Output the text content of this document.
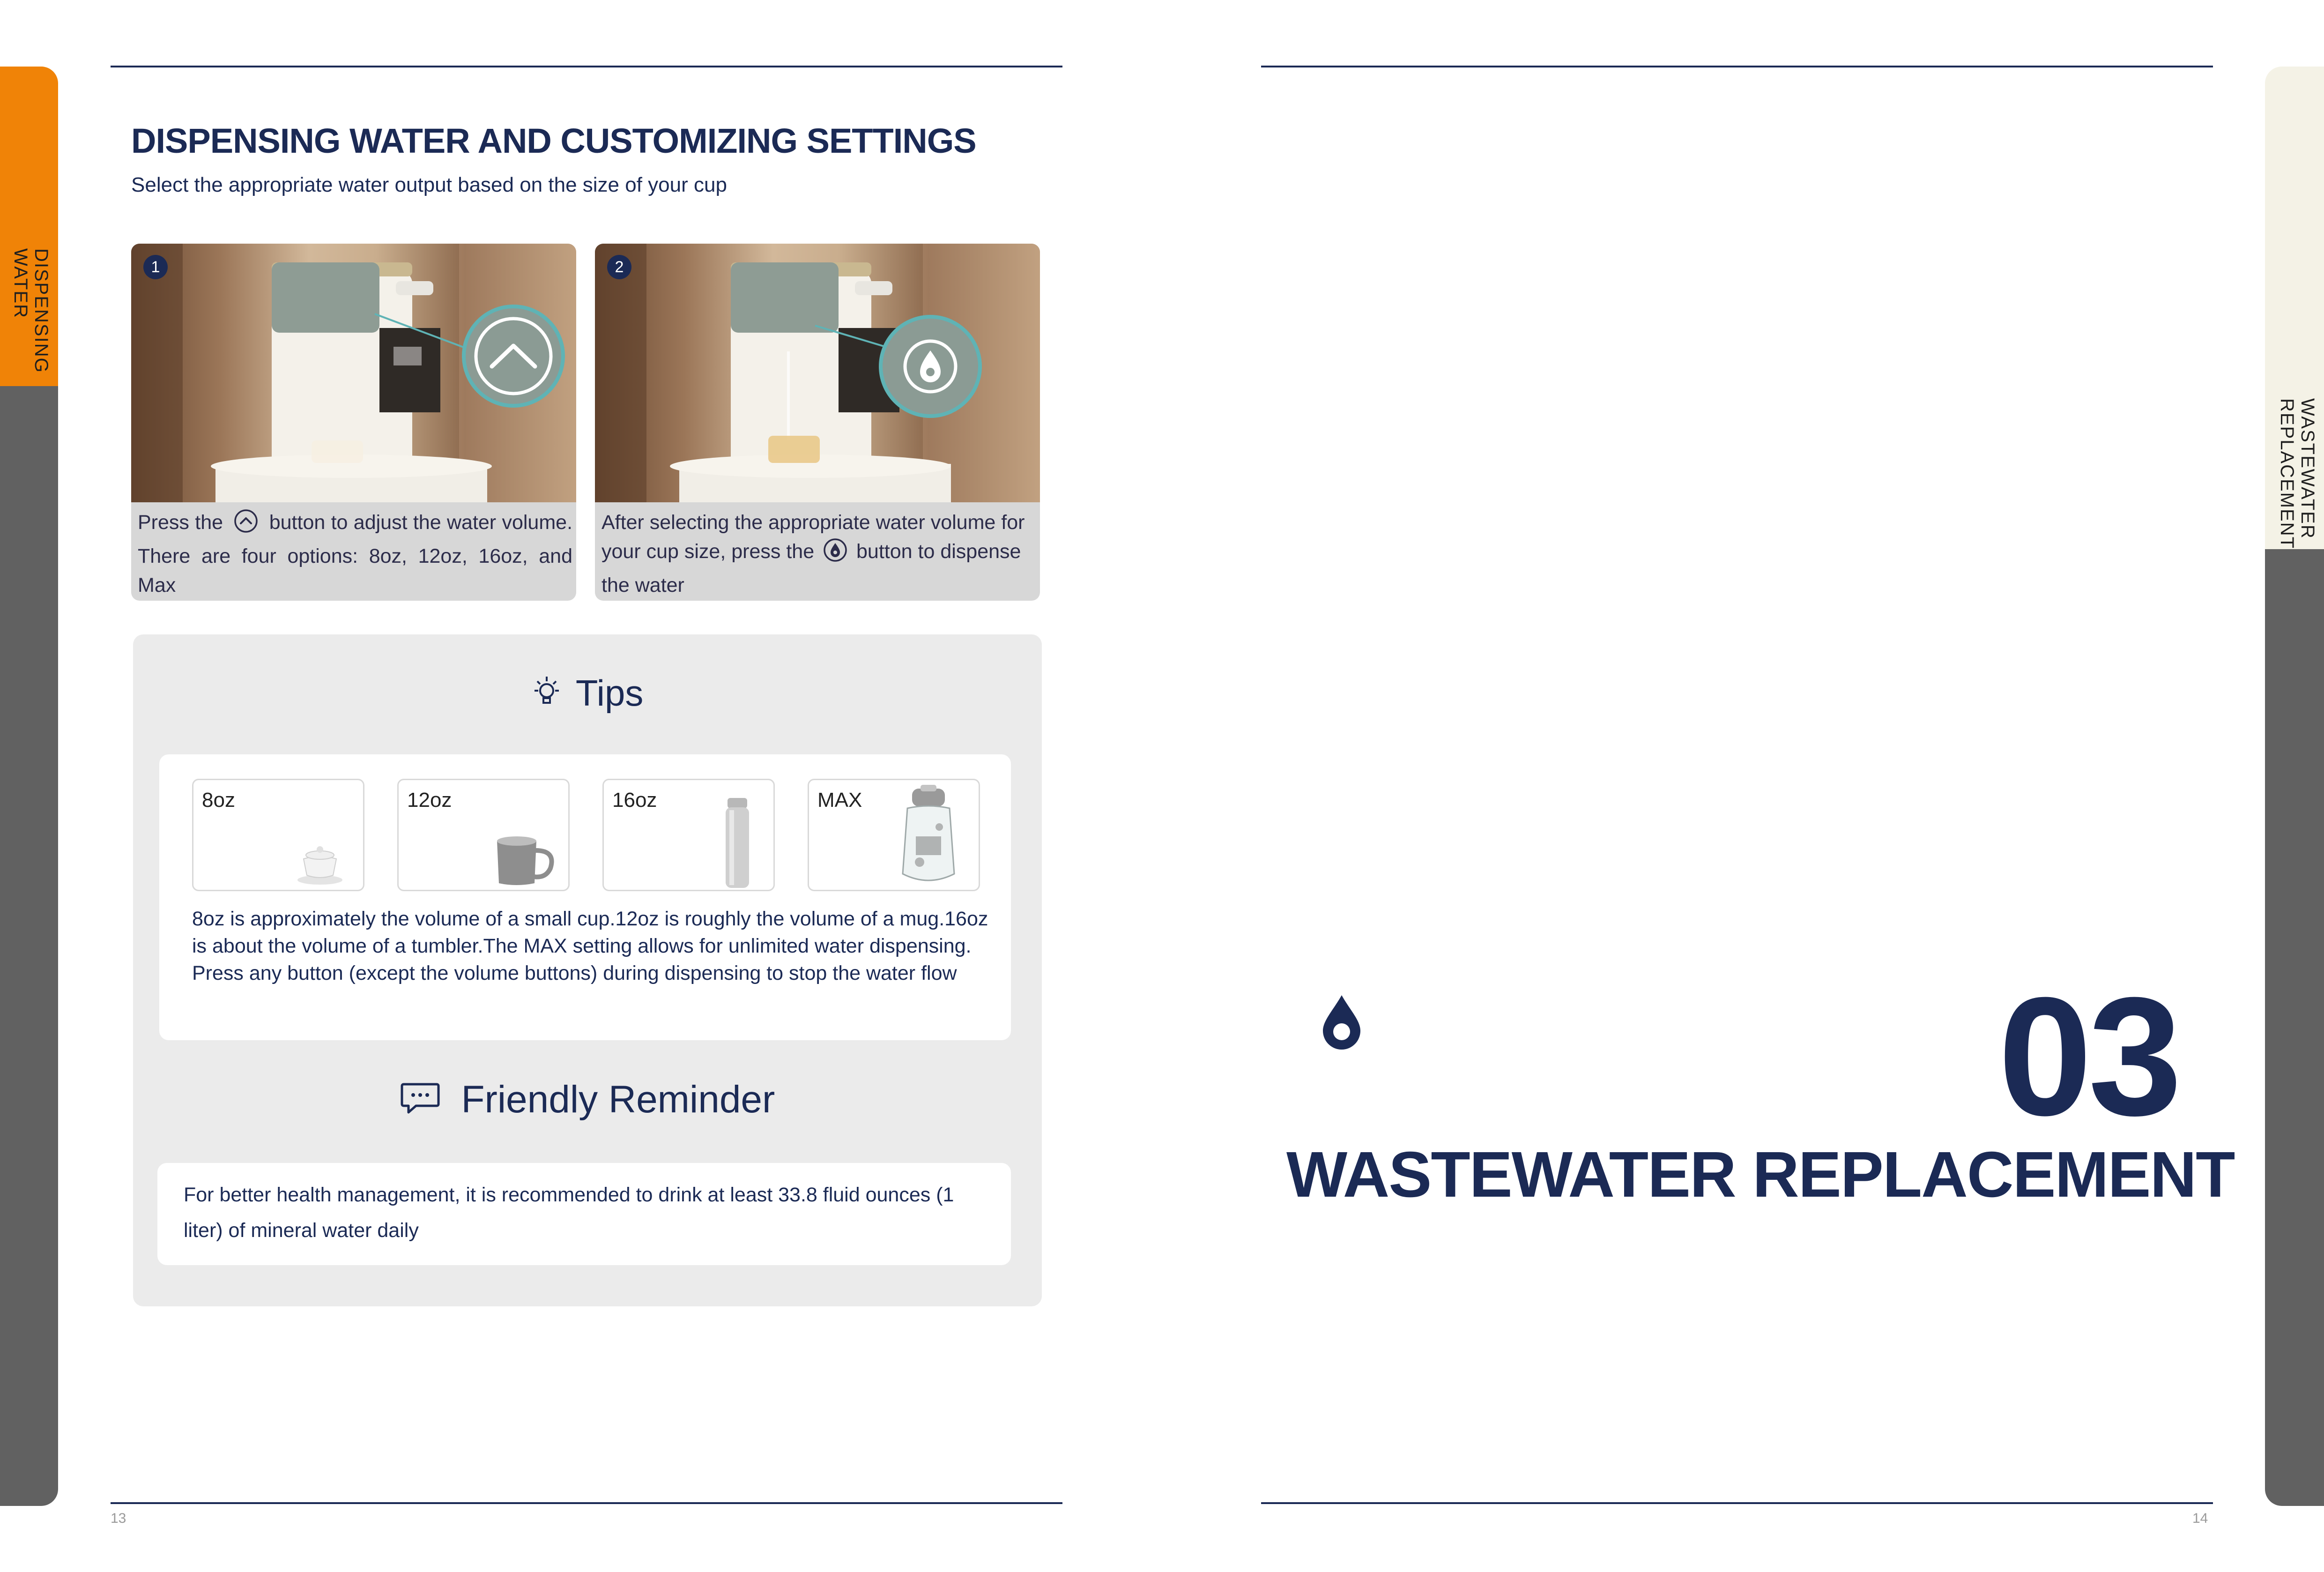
DISPENSING WATER
WASTEWATER REPLACEMENT
DISPENSING WATER AND CUSTOMIZING SETTINGS
Select the appropriate water output based on the size of your cup
1
Press the button to adjust the water volume. There are four options: 8oz, 12oz, 16oz, and Max
2
After selecting the appropriate water volume for your cup size, press the button to dispense the water
Tips
8oz	12oz	16oz	MAX
8oz is approximately the volume of a small cup.12oz is roughly the volume of a mug.16oz is about the volume of a tumbler.The MAX setting allows for unlimited water dispensing. Press any button (except the volume buttons) during dispensing to stop the water flow
Friendly Reminder
For better health management, it is recommended to drink at least 33.8 fluid ounces (1 liter) of mineral water daily
13
03
WASTEWATER REPLACEMENT
14
